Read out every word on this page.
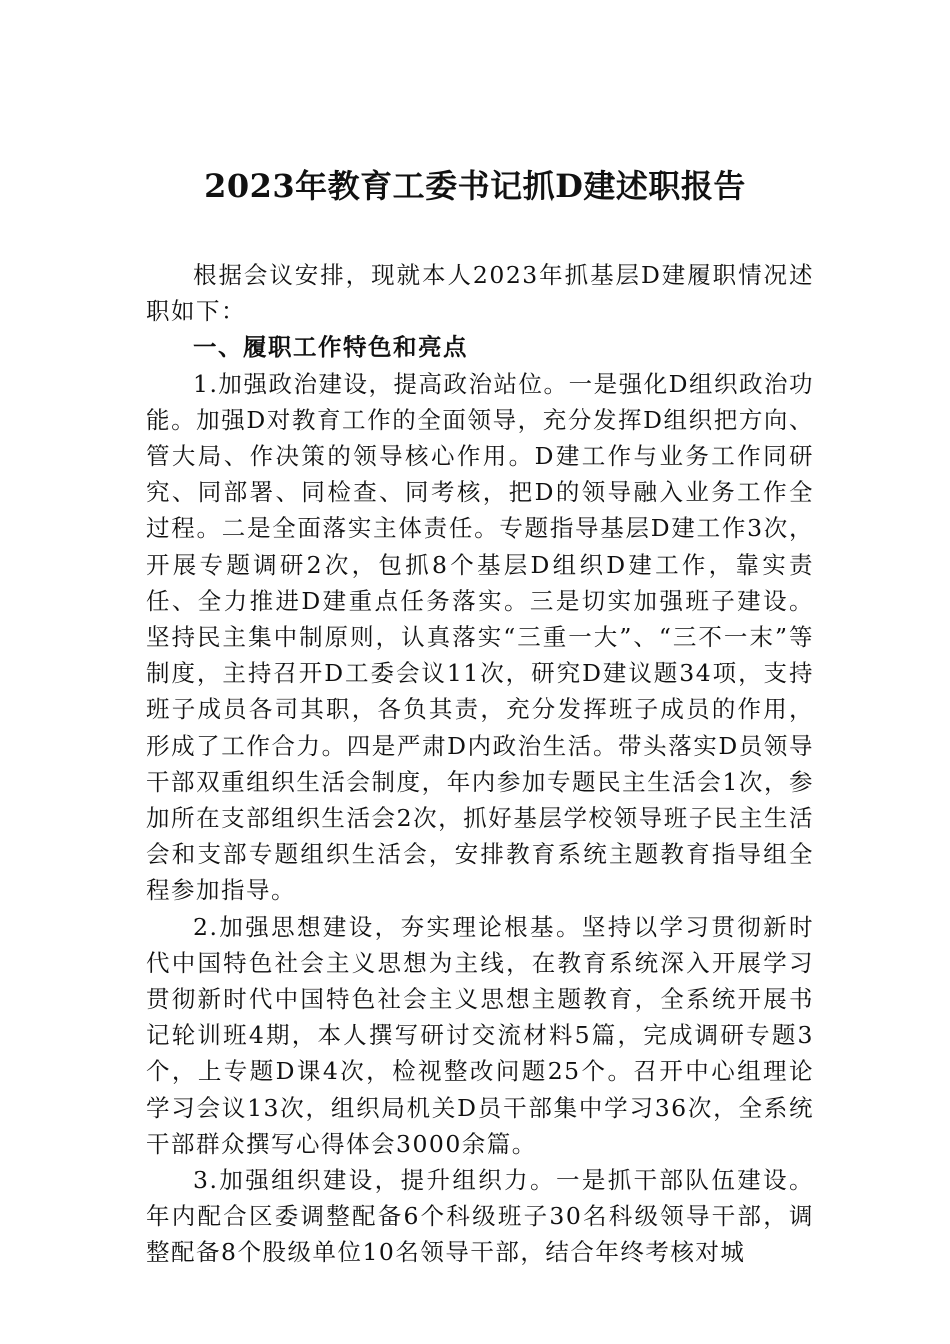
2023年教育工委书记抓D建述职报告

根据会议安排，现就本人2023年抓基层D建履职情况述职如下：

一、履职工作特色和亮点

1.加强政治建设，提高政治站位。一是强化D组织政治功能。加强D对教育工作的全面领导，充分发挥D组织把方向、管大局、作决策的领导核心作用。D建工作与业务工作同研究、同部署、同检查、同考核，把D的领导融入业务工作全过程。二是全面落实主体责任。专题指导基层D建工作3次，开展专题调研2次，包抓8个基层D组织D建工作，靠实责任、全力推进D建重点任务落实。三是切实加强班子建设。坚持民主集中制原则，认真落实“三重一大”、“三不一末”等制度，主持召开D工委会议11次，研究D建议题34项，支持班子成员各司其职，各负其责，充分发挥班子成员的作用，形成了工作合力。四是严肃D内政治生活。带头落实D员领导干部双重组织生活会制度，年内参加专题民主生活会1次，参加所在支部组织生活会2次，抓好基层学校领导班子民主生活会和支部专题组织生活会，安排教育系统主题教育指导组全程参加指导。

2.加强思想建设，夯实理论根基。坚持以学习贯彻新时代中国特色社会主义思想为主线，在教育系统深入开展学习贯彻新时代中国特色社会主义思想主题教育，全系统开展书记轮训班4期，本人撰写研讨交流材料5篇，完成调研专题3个，上专题D课4次，检视整改问题25个。召开中心组理论学习会议13次，组织局机关D员干部集中学习36次，全系统干部群众撰写心得体会3000余篇。

3.加强组织建设，提升组织力。一是抓干部队伍建设。年内配合区委调整配备6个科级班子30名科级领导干部，调整配备8个股级单位10名领导干部，结合年终考核对城
